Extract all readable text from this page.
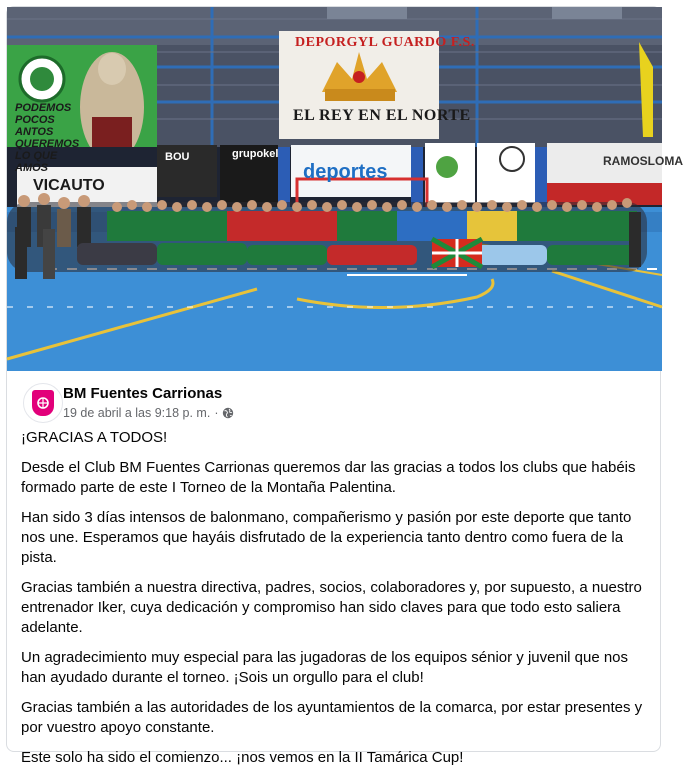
DEPORGYL GUARDO F.S.
EL REY EN EL NORTE
deportes	RAMOSLOMA
VICAUTO
BOU	grupokel
PODEMOS
POCOS
ANTOS
QUEREMOS
LO QUE
AMOS
BM Fuentes Carrionas
19 de abril a las 9:18 p. m. ·

¡GRACIAS A TODOS!

Desde el Club BM Fuentes Carrionas queremos dar las gracias a todos los clubs que habéis formado parte de este I Torneo de la Montaña Palentina.

Han sido 3 días intensos de balonmano, compañerismo y pasión por este deporte que tanto nos une. Esperamos que hayáis disfrutado de la experiencia tanto dentro como fuera de la pista.

Gracias también a nuestra directiva, padres, socios, colaboradores y, por supuesto, a nuestro entrenador Iker, cuya dedicación y compromiso han sido claves para que todo esto saliera adelante.

Un agradecimiento muy especial para las jugadoras de los equipos sénior y juvenil que nos han ayudado durante el torneo. ¡Sois un orgullo para el club!

Gracias también a las autoridades de los ayuntamientos de la comarca, por estar presentes y por vuestro apoyo constante.

Este solo ha sido el comienzo... ¡nos vemos en la II Tamárica Cup!
